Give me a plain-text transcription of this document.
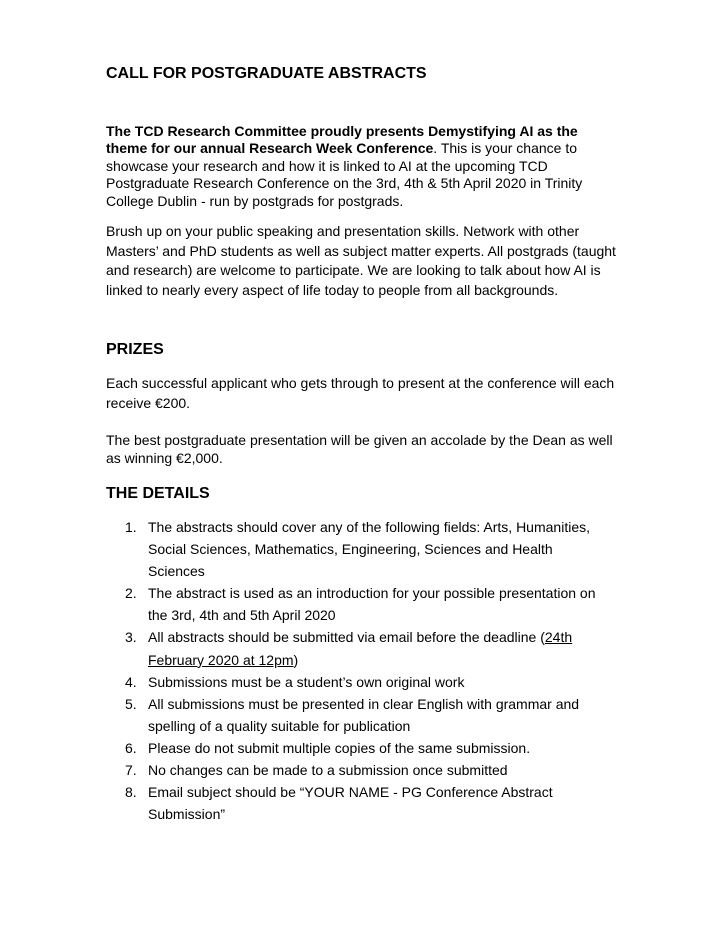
CALL FOR POSTGRADUATE ABSTRACTS

The TCD Research Committee proudly presents Demystifying AI as the theme for our annual Research Week Conference. This is your chance to showcase your research and how it is linked to AI at the upcoming TCD Postgraduate Research Conference on the 3rd, 4th & 5th April 2020 in Trinity College Dublin - run by postgrads for postgrads.

Brush up on your public speaking and presentation skills. Network with other Masters’ and PhD students as well as subject matter experts. All postgrads (taught and research) are welcome to participate. We are looking to talk about how AI is linked to nearly every aspect of life today to people from all backgrounds.

PRIZES

Each successful applicant who gets through to present at the conference will each receive €200.

The best postgraduate presentation will be given an accolade by the Dean as well as winning €2,000.

THE DETAILS
1. The abstracts should cover any of the following fields: Arts, Humanities, Social Sciences, Mathematics, Engineering, Sciences and Health Sciences
2. The abstract is used as an introduction for your possible presentation on the 3rd, 4th and 5th April 2020
3. All abstracts should be submitted via email before the deadline (24th February 2020 at 12pm)
4. Submissions must be a student’s own original work
5. All submissions must be presented in clear English with grammar and spelling of a quality suitable for publication
6. Please do not submit multiple copies of the same submission.
7. No changes can be made to a submission once submitted
8. Email subject should be “YOUR NAME - PG Conference Abstract Submission”
